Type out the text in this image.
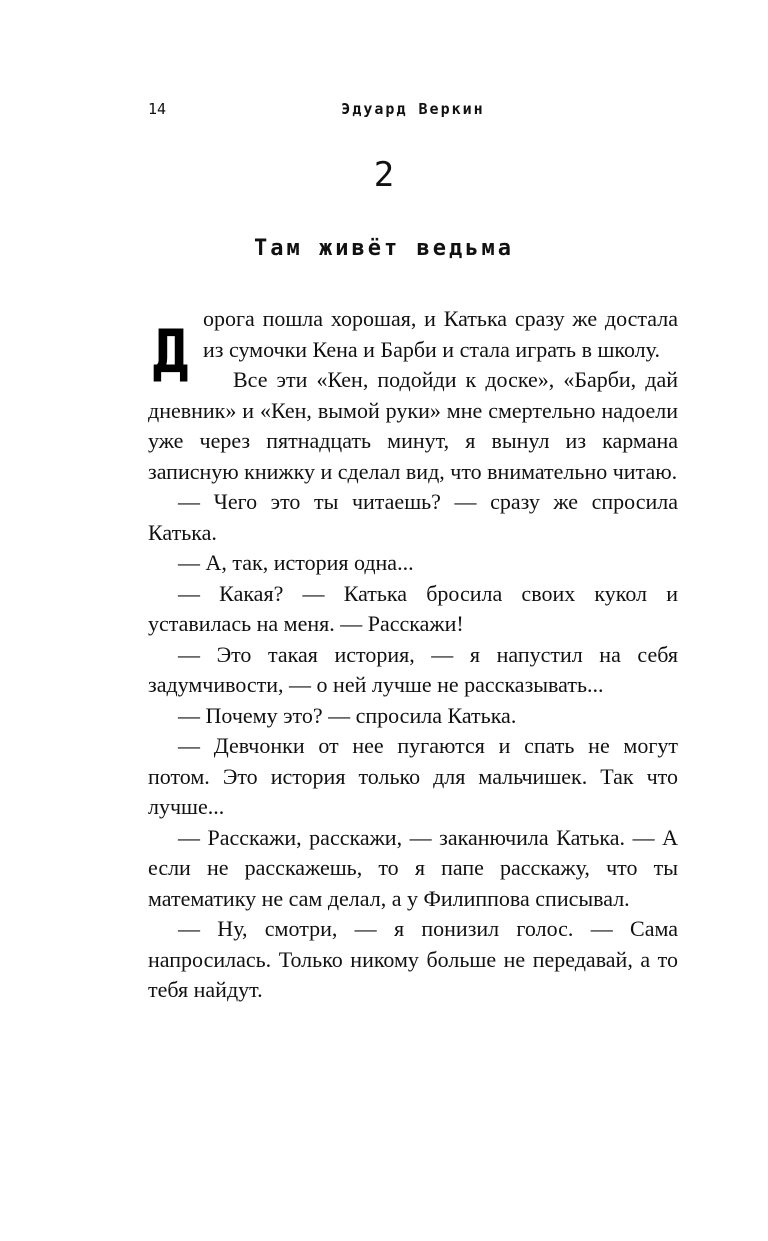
14	Эдуард Веркин
2
Там живёт ведьма

Дорога пошла хорошая, и Катька сразу же достала из сумочки Кена и Барби и стала играть в школу.

Все эти «Кен, подойди к доске», «Барби, дай дневник» и «Кен, вымой руки» мне смертельно надоели уже через пятнадцать минут, я вынул из кармана записную книжку и сделал вид, что внимательно читаю.

— Чего это ты читаешь? — сразу же спросила Катька.

— А, так, история одна...

— Какая? — Катька бросила своих кукол и уставилась на меня. — Расскажи!

— Это такая история, — я напустил на себя задумчивости, — о ней лучше не рассказывать...

— Почему это? — спросила Катька.

— Девчонки от нее пугаются и спать не могут потом. Это история только для мальчишек. Так что лучше...

— Расскажи, расскажи, — заканючила Катька. — А если не расскажешь, то я папе расскажу, что ты математику не сам делал, а у Филиппова списывал.

— Ну, смотри, — я понизил голос. — Сама напросилась. Только никому больше не передавай, а то тебя найдут.
